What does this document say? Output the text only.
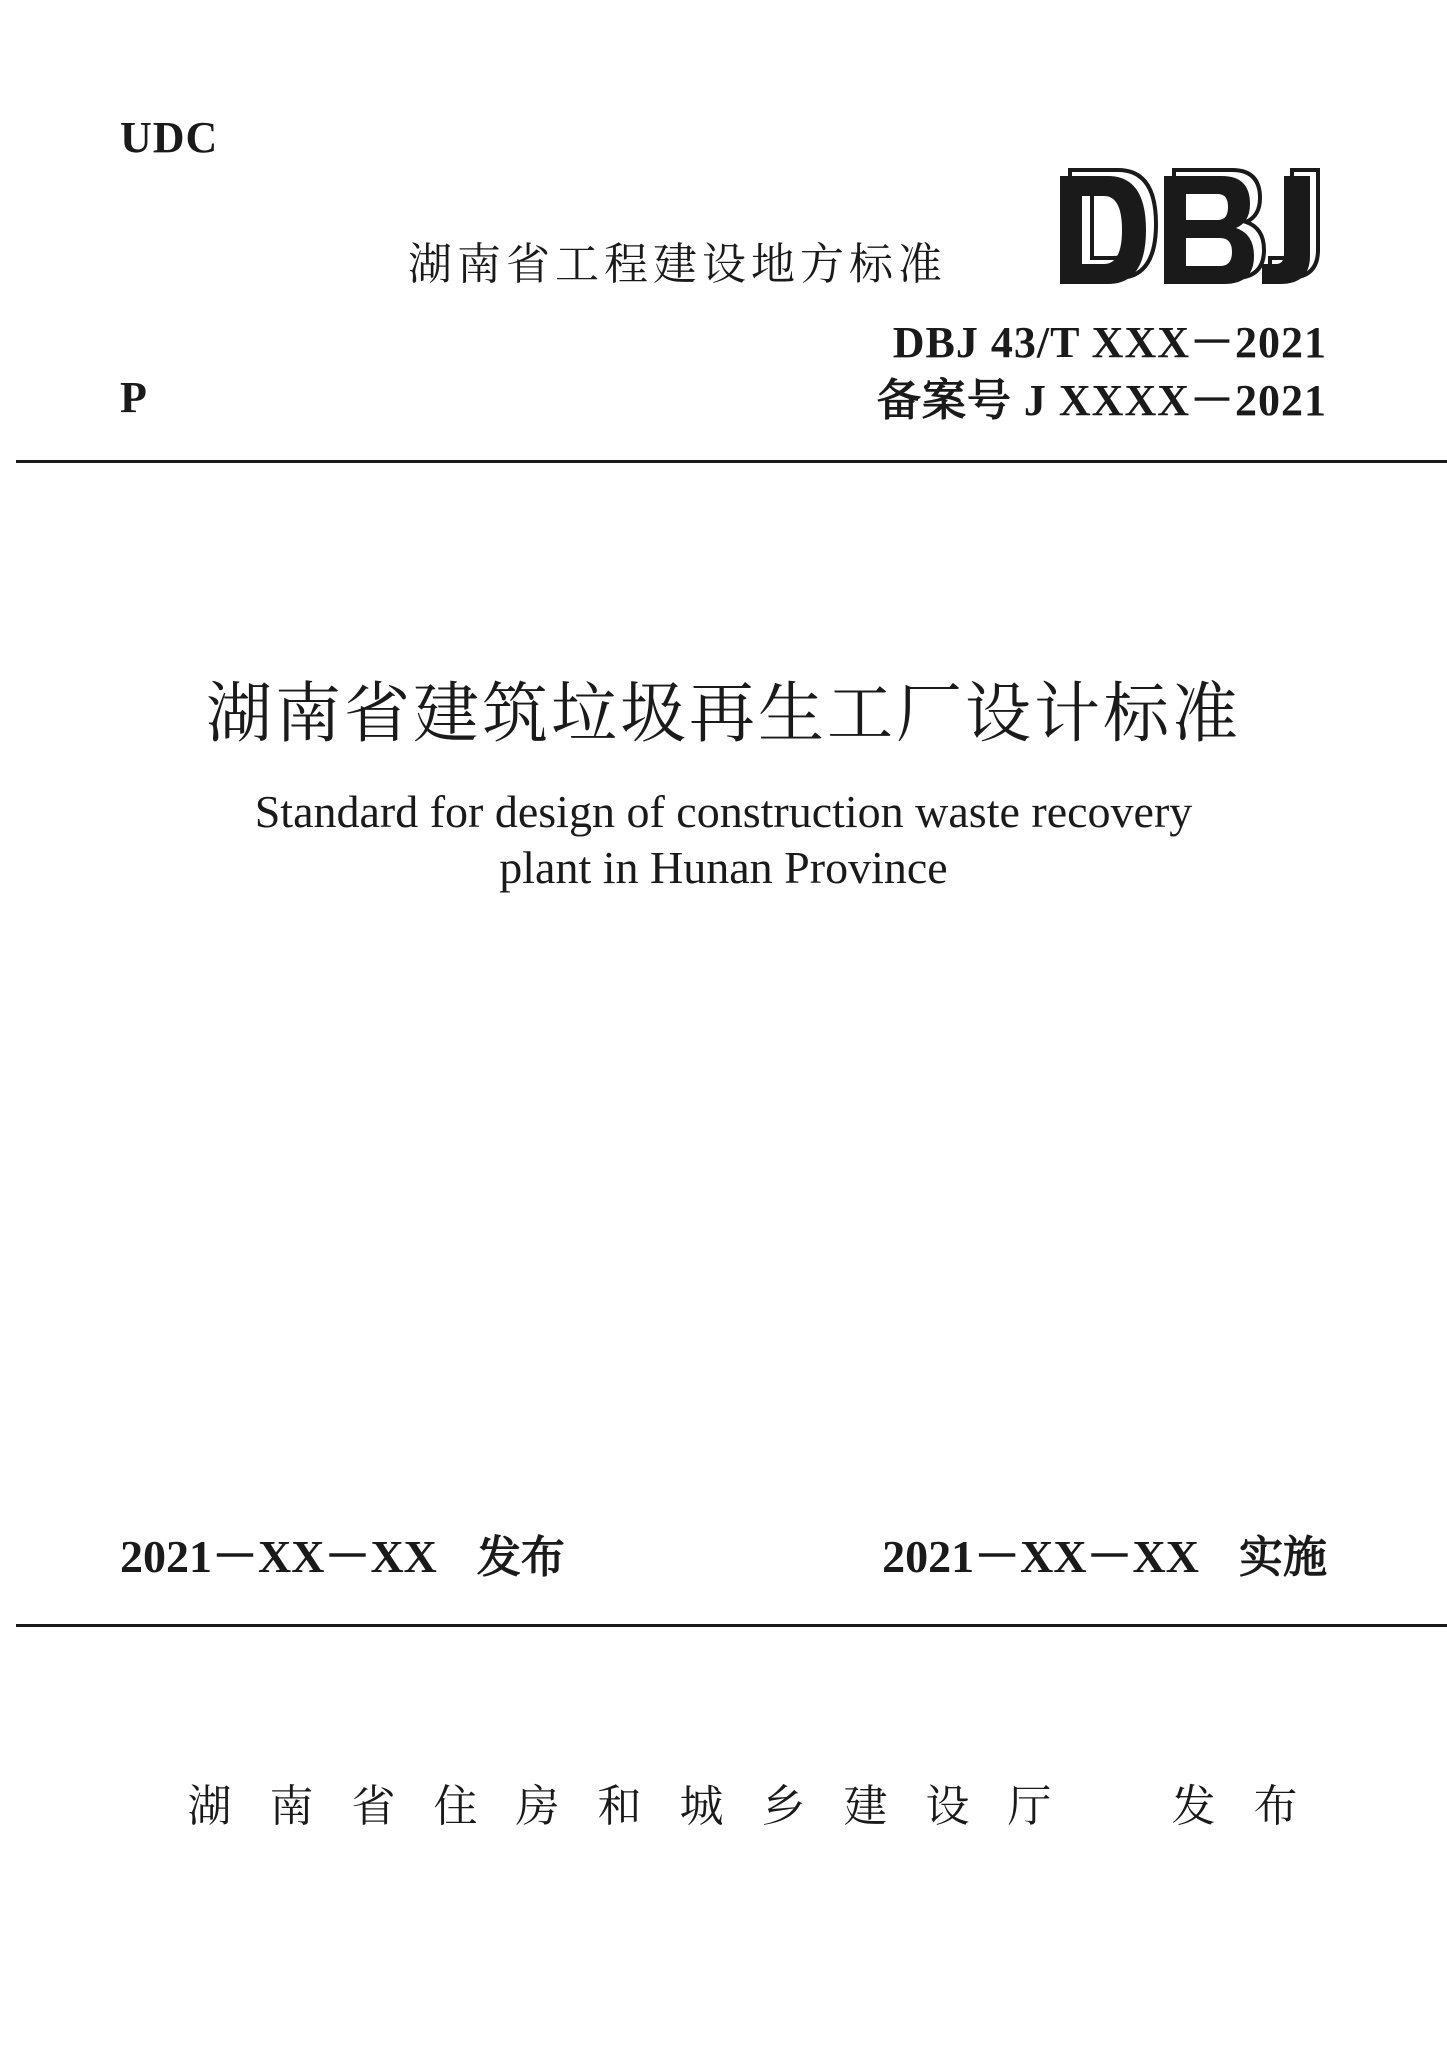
UDC
湖南省工程建设地方标准
DBJ 43/T XXX－2021
P	备案号 J XXXX－2021
湖南省建筑垃圾再生工厂设计标准
Standard for design of construction waste recovery
plant in Hunan Province
2021－XX－XX 发布	2021－XX－XX 实施
湖南省住房和城乡建设厅　发布
